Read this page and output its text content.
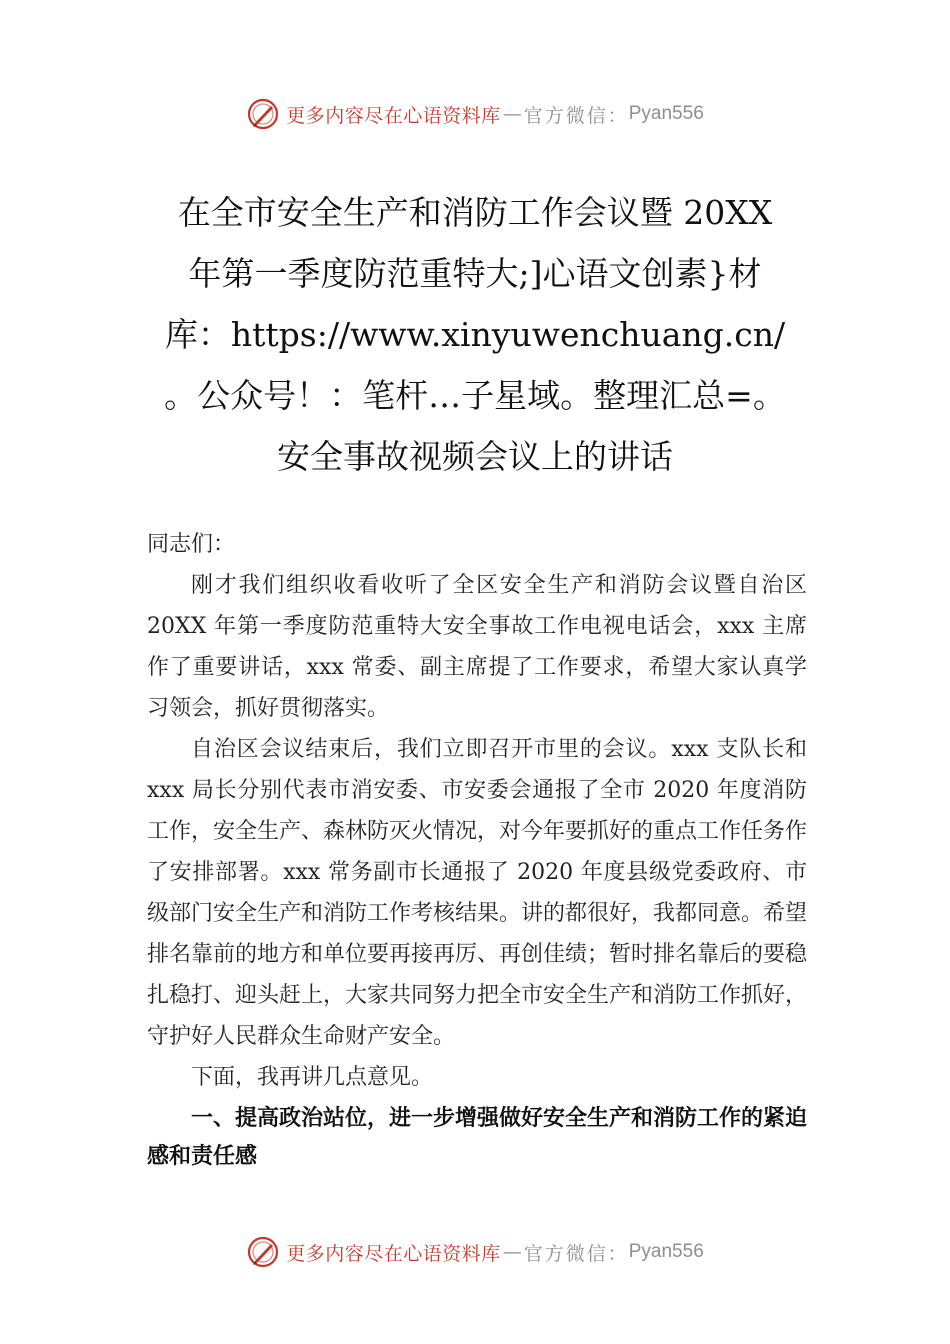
更多内容尽在心语资料库 — 官方微信： Pyan556
在全市安全生产和消防工作会议暨 20XX
年第一季度防范重特大;]心语文创素}材
库：https://www.xinyuwenchuang.cn/
。公众号！：笔杆…子星域。整理汇总=。
安全事故视频会议上的讲话

同志们：

刚才我们组织收看收听了全区安全生产和消防会议暨自治区 20XX 年第一季度防范重特大安全事故工作电视电话会，xxx 主席作了重要讲话，xxx 常委、副主席提了工作要求，希望大家认真学习领会，抓好贯彻落实。

自治区会议结束后，我们立即召开市里的会议。xxx 支队长和 xxx 局长分别代表市消安委、市安委会通报了全市 2020 年度消防工作，安全生产、森林防灭火情况，对今年要抓好的重点工作任务作了安排部署。xxx 常务副市长通报了 2020 年度县级党委政府、市级部门安全生产和消防工作考核结果。讲的都很好，我都同意。希望排名靠前的地方和单位要再接再厉、再创佳绩；暂时排名靠后的要稳扎稳打、迎头赶上，大家共同努力把全市安全生产和消防工作抓好，守护好人民群众生命财产安全。

下面，我再讲几点意见。

一、提高政治站位，进一步增强做好安全生产和消防工作的紧迫感和责任感

更多内容尽在心语资料库 — 官方微信： Pyan556
